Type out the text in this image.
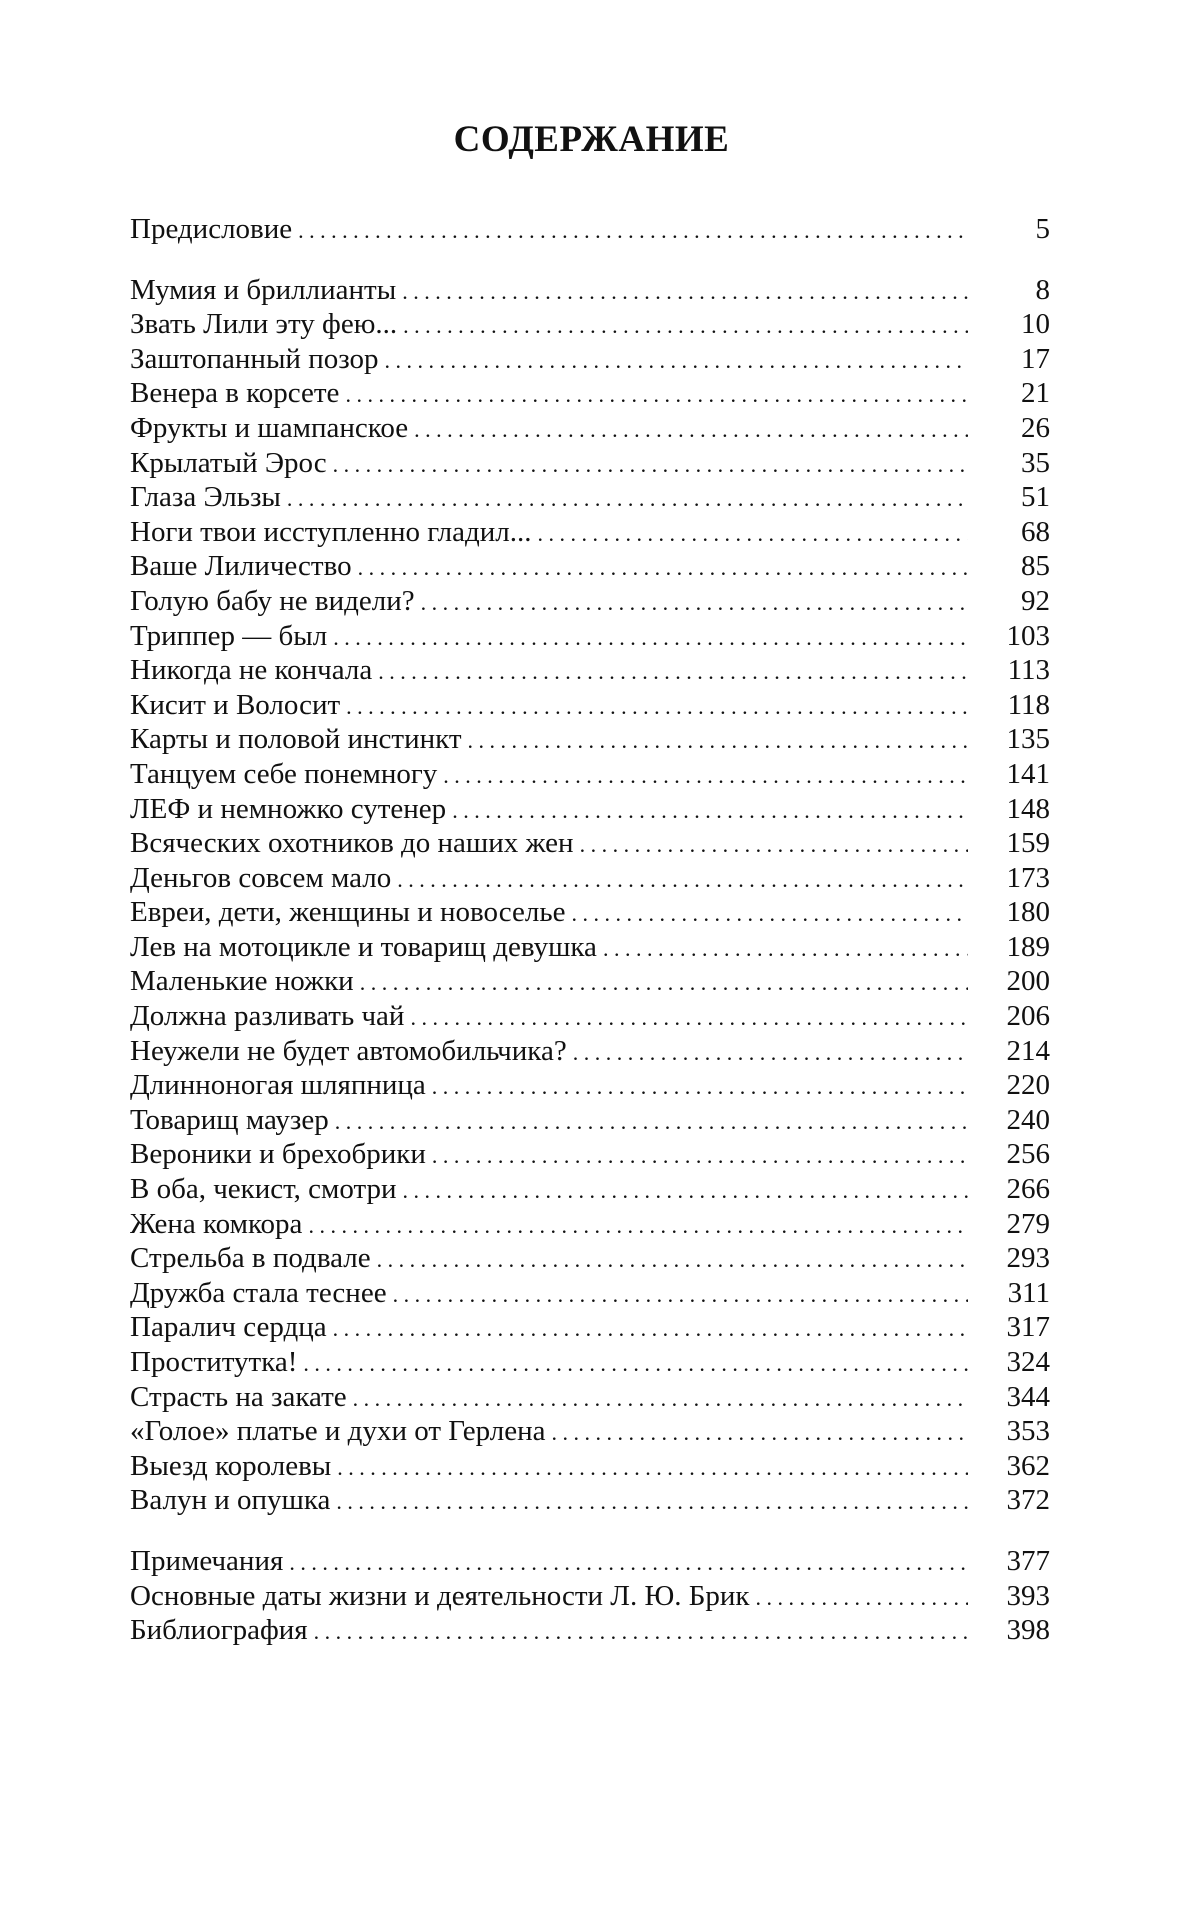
СОДЕРЖАНИЕ
Предисловие
. . .	5
Мумия и бриллианты
. . .	8
Звать Лили эту фею...
. . .	10
Заштопанный позор
. . .	17
Венера в корсете
. . .	21
Фрукты и шампанское
. . .	26
Крылатый Эрос
. . .	35
Глаза Эльзы
. . .	51
Ноги твои исступленно гладил...
. . .	68
Ваше Лиличество
. . .	85
Голую бабу не видели?
. . .	92
Триппер — был
. . .	103
Никогда не кончала
. . .	113
Кисит и Волосит
. . .	118
Карты и половой инстинкт
. . .	135
Танцуем себе понемногу
. . .	141
ЛЕФ и немножко сутенер
. . .	148
Всяческих охотников до наших жен
. . .	159
Деньгов совсем мало
. . .	173
Евреи, дети, женщины и новоселье
. . .	180
Лев на мотоцикле и товарищ девушка
. . .	189
Маленькие ножки
. . .	200
Должна разливать чай
. . .	206
Неужели не будет автомобильчика?
. . .	214
Длинноногая шляпница
. . .	220
Товарищ маузер
. . .	240
Вероники и брехобрики
. . .	256
В оба, чекист, смотри
. . .	266
Жена комкора
. . .	279
Стрельба в подвале
. . .	293
Дружба стала теснее
. . .	311
Паралич сердца
. . .	317
Проститутка!
. . .	324
Страсть на закате
. . .	344
«Голое» платье и духи от Герлена
. . .	353
Выезд королевы
. . .	362
Валун и опушка
. . .	372
Примечания
. . .	377
Основные даты жизни и деятельности Л. Ю. Брик
. . .	393
Библиография
. . .	398
